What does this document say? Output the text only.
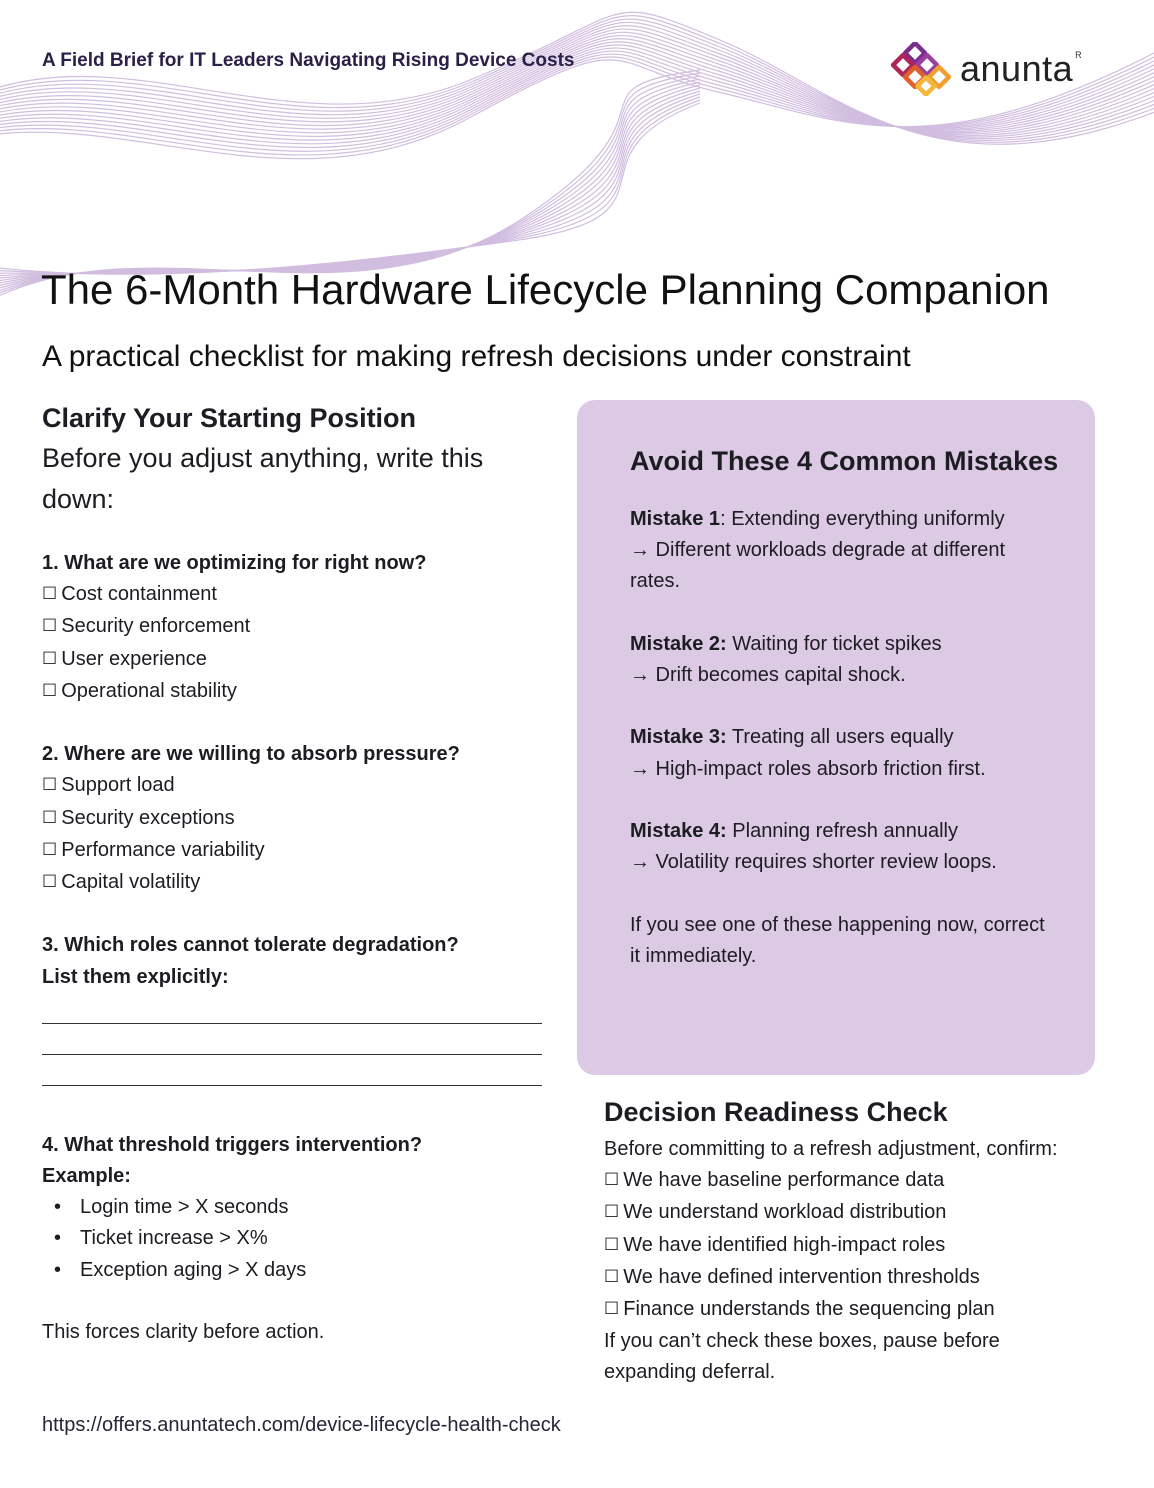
A Field Brief for IT Leaders Navigating Rising Device Costs	anunta R
The 6-Month Hardware Lifecycle Planning Companion
A practical checklist for making refresh decisions under constraint
Clarify Your Starting Position
Before you adjust anything, write this down:
1. What are we optimizing for right now?
☐ Cost containment
☐ Security enforcement
☐ User experience
☐ Operational stability
2. Where are we willing to absorb pressure?
☐ Support load
☐ Security exceptions
☐ Performance variability
☐ Capital volatility
3. Which roles cannot tolerate degradation?
List them explicitly:
4. What threshold triggers intervention?
Example:
• Login time > X seconds
• Ticket increase > X%
• Exception aging > X days
This forces clarity before action.
Avoid These 4 Common Mistakes
Mistake 1: Extending everything uniformly
→ Different workloads degrade at different rates.
Mistake 2: Waiting for ticket spikes
→ Drift becomes capital shock.
Mistake 3: Treating all users equally
→ High-impact roles absorb friction first.
Mistake 4: Planning refresh annually
→ Volatility requires shorter review loops.
If you see one of these happening now, correct it immediately.
Decision Readiness Check
Before committing to a refresh adjustment, confirm:
☐ We have baseline performance data
☐ We understand workload distribution
☐ We have identified high-impact roles
☐ We have defined intervention thresholds
☐ Finance understands the sequencing plan
If you can’t check these boxes, pause before expanding deferral.
https://offers.anuntatech.com/device-lifecycle-health-check
